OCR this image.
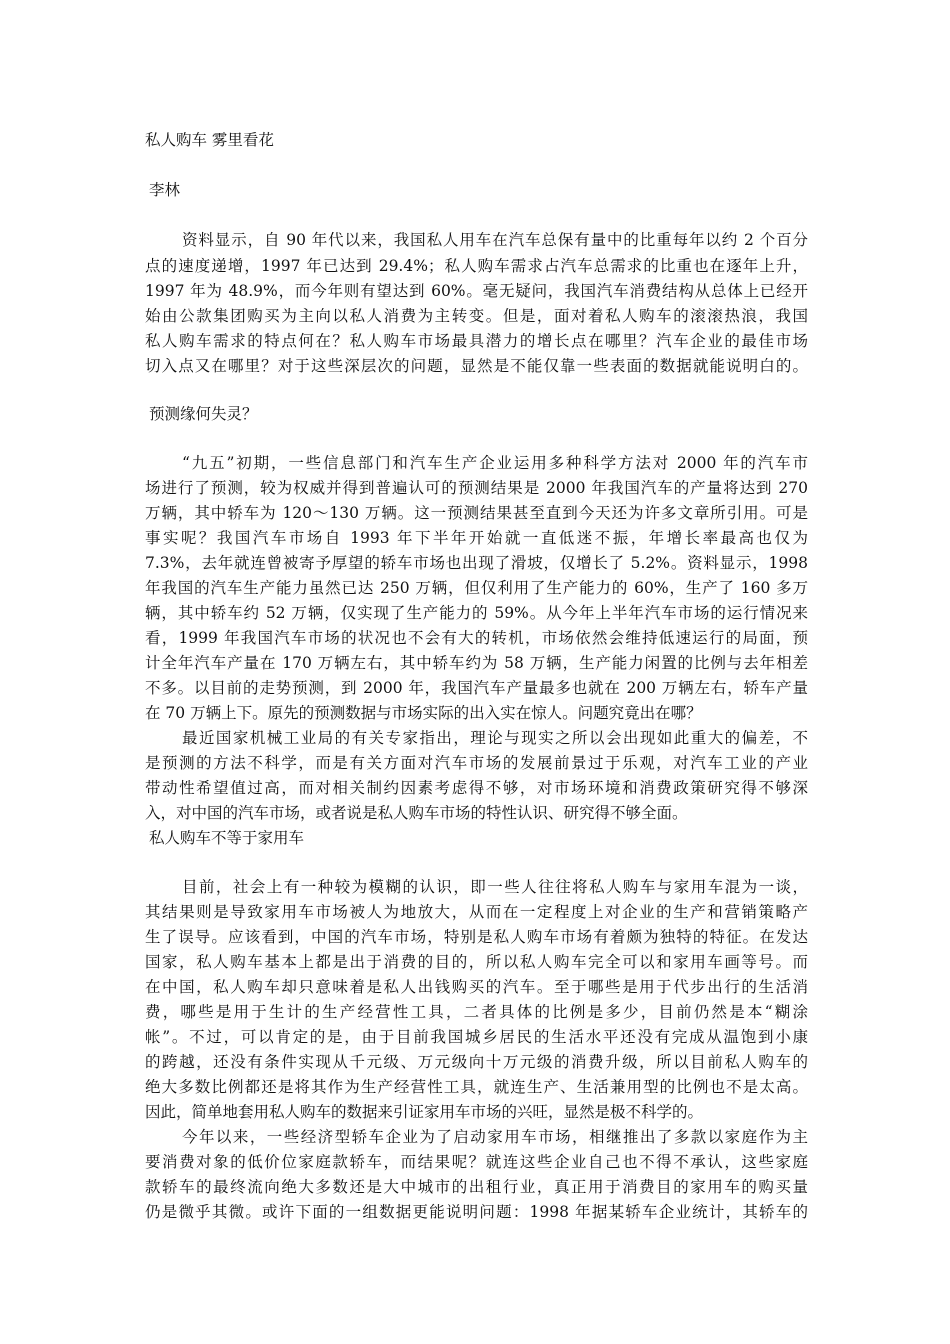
私人购车 雾里看花
李林
资料显示，自 90 年代以来，我国私人用车在汽车总保有量中的比重每年以约 2 个百分
点的速度递增，1997 年已达到 29.4%；私人购车需求占汽车总需求的比重也在逐年上升，
1997 年为 48.9%，而今年则有望达到 60%。毫无疑问，我国汽车消费结构从总体上已经开
始由公款集团购买为主向以私人消费为主转变。但是，面对着私人购车的滚滚热浪，我国
私人购车需求的特点何在？私人购车市场最具潜力的增长点在哪里？汽车企业的最佳市场
切入点又在哪里？对于这些深层次的问题，显然是不能仅靠一些表面的数据就能说明白的。
预测缘何失灵？
“九五”初期，一些信息部门和汽车生产企业运用多种科学方法对 2000 年的汽车市
场进行了预测，较为权威并得到普遍认可的预测结果是 2000 年我国汽车的产量将达到 270
万辆，其中轿车为 120～130 万辆。这一预测结果甚至直到今天还为许多文章所引用。可是
事实呢？我国汽车市场自 1993 年下半年开始就一直低迷不振，年增长率最高也仅为
7.3%，去年就连曾被寄予厚望的轿车市场也出现了滑坡，仅增长了 5.2%。资料显示，1998
年我国的汽车生产能力虽然已达 250 万辆，但仅利用了生产能力的 60%，生产了 160 多万
辆，其中轿车约 52 万辆，仅实现了生产能力的 59%。从今年上半年汽车市场的运行情况来
看，1999 年我国汽车市场的状况也不会有大的转机，市场依然会维持低速运行的局面，预
计全年汽车产量在 170 万辆左右，其中轿车约为 58 万辆，生产能力闲置的比例与去年相差
不多。以目前的走势预测，到 2000 年，我国汽车产量最多也就在 200 万辆左右，轿车产量
在 70 万辆上下。原先的预测数据与市场实际的出入实在惊人。问题究竟出在哪？
最近国家机械工业局的有关专家指出，理论与现实之所以会出现如此重大的偏差，不
是预测的方法不科学，而是有关方面对汽车市场的发展前景过于乐观，对汽车工业的产业
带动性希望值过高，而对相关制约因素考虑得不够，对市场环境和消费政策研究得不够深
入，对中国的汽车市场，或者说是私人购车市场的特性认识、研究得不够全面。
私人购车不等于家用车
目前，社会上有一种较为模糊的认识，即一些人往往将私人购车与家用车混为一谈，
其结果则是导致家用车市场被人为地放大，从而在一定程度上对企业的生产和营销策略产
生了误导。应该看到，中国的汽车市场，特别是私人购车市场有着颇为独特的特征。在发达
国家，私人购车基本上都是出于消费的目的，所以私人购车完全可以和家用车画等号。而
在中国，私人购车却只意味着是私人出钱购买的汽车。至于哪些是用于代步出行的生活消
费，哪些是用于生计的生产经营性工具，二者具体的比例是多少，目前仍然是本“糊涂
帐”。不过，可以肯定的是，由于目前我国城乡居民的生活水平还没有完成从温饱到小康
的跨越，还没有条件实现从千元级、万元级向十万元级的消费升级，所以目前私人购车的
绝大多数比例都还是将其作为生产经营性工具，就连生产、生活兼用型的比例也不是太高。
因此，简单地套用私人购车的数据来引证家用车市场的兴旺，显然是极不科学的。
今年以来，一些经济型轿车企业为了启动家用车市场，相继推出了多款以家庭作为主
要消费对象的低价位家庭款轿车，而结果呢？就连这些企业自己也不得不承认，这些家庭
款轿车的最终流向绝大多数还是大中城市的出租行业，真正用于消费目的家用车的购买量
仍是微乎其微。或许下面的一组数据更能说明问题：1998 年据某轿车企业统计，其轿车的
